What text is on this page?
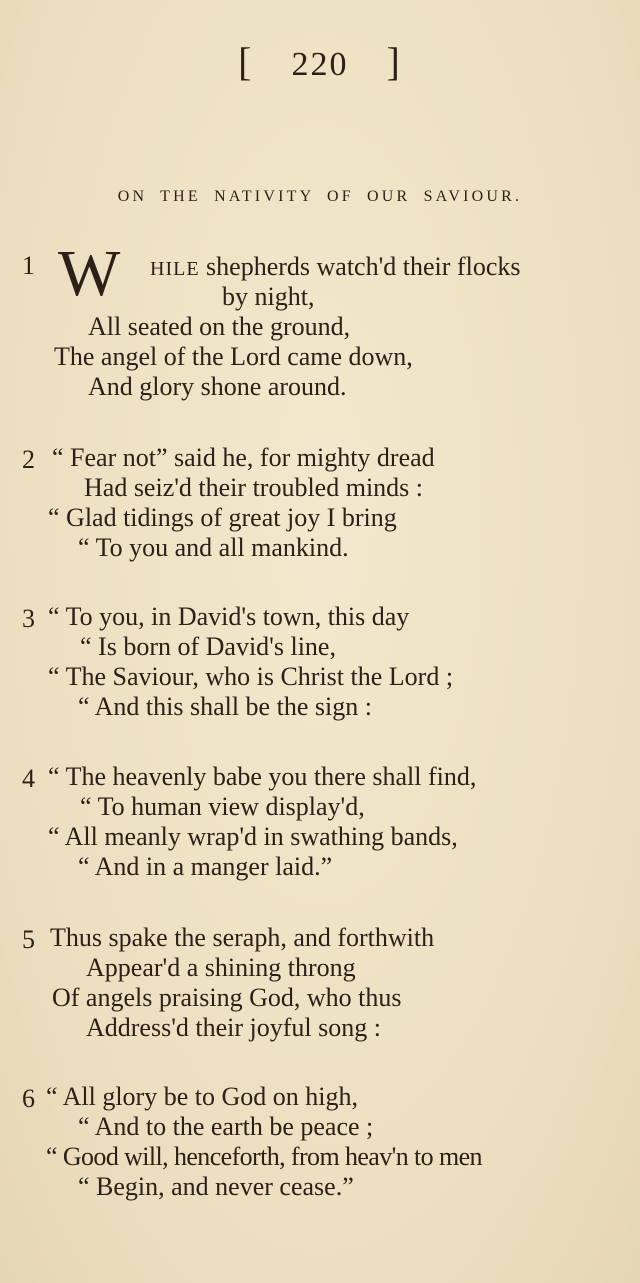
[ 220 ]
ON THE NATIVITY OF OUR SAVIOUR.
1 W HILE shepherds watch'd their flocks
by night,
All seated on the ground,
The angel of the Lord came down,
And glory shone around.
2 “ Fear not” said he, for mighty dread
Had seiz'd their troubled minds :
“ Glad tidings of great joy I bring
“ To you and all mankind.
3 “ To you, in David's town, this day
“ Is born of David's line,
“ The Saviour, who is Christ the Lord ;
“ And this shall be the sign :
4 “ The heavenly babe you there shall find,
“ To human view display'd,
“ All meanly wrap'd in swathing bands,
“ And in a manger laid.”
5 Thus spake the seraph, and forthwith
Appear'd a shining throng
Of angels praising God, who thus
Address'd their joyful song :
6 “ All glory be to God on high,
“ And to the earth be peace ;
“ Good will, henceforth, from heav'n to men
“ Begin, and never cease.”
